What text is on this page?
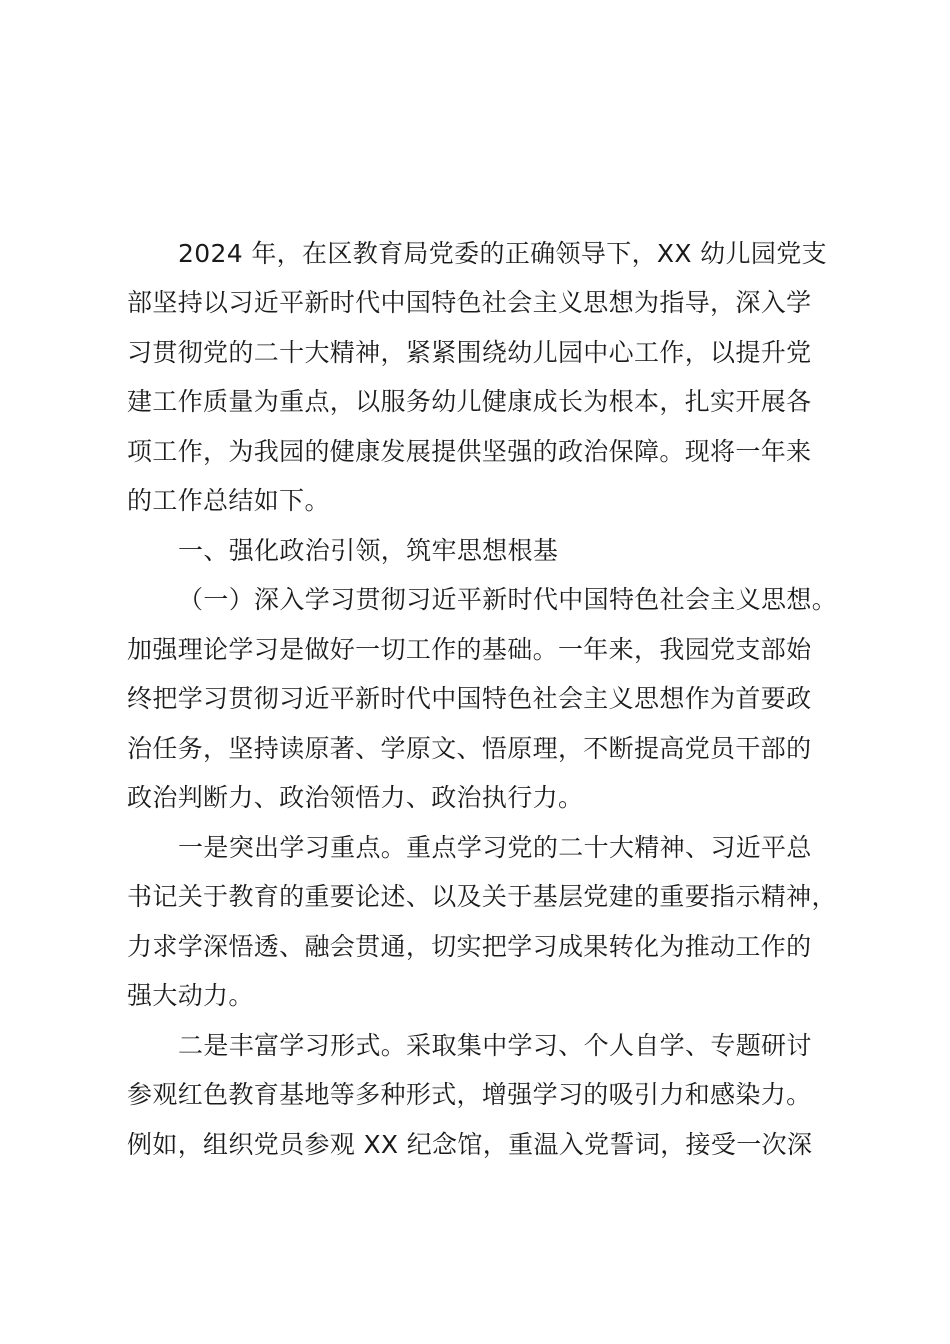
2024 年，在区教育局党委的正确领导下，XX 幼儿园党支
部坚持以习近平新时代中国特色社会主义思想为指导，深入学
习贯彻党的二十大精神，紧紧围绕幼儿园中心工作，以提升党
建工作质量为重点，以服务幼儿健康成长为根本，扎实开展各
项工作，为我园的健康发展提供坚强的政治保障。现将一年来
的工作总结如下。
一、强化政治引领，筑牢思想根基
（一）深入学习贯彻习近平新时代中国特色社会主义思想。
加强理论学习是做好一切工作的基础。一年来，我园党支部始
终把学习贯彻习近平新时代中国特色社会主义思想作为首要政
治任务，坚持读原著、学原文、悟原理，不断提高党员干部的
政治判断力、政治领悟力、政治执行力。
一是突出学习重点。重点学习党的二十大精神、习近平总
书记关于教育的重要论述、以及关于基层党建的重要指示精神，
力求学深悟透、融会贯通，切实把学习成果转化为推动工作的
强大动力。
二是丰富学习形式。采取集中学习、个人自学、专题研讨
参观红色教育基地等多种形式，增强学习的吸引力和感染力。
例如，组织党员参观 XX 纪念馆，重温入党誓词，接受一次深
